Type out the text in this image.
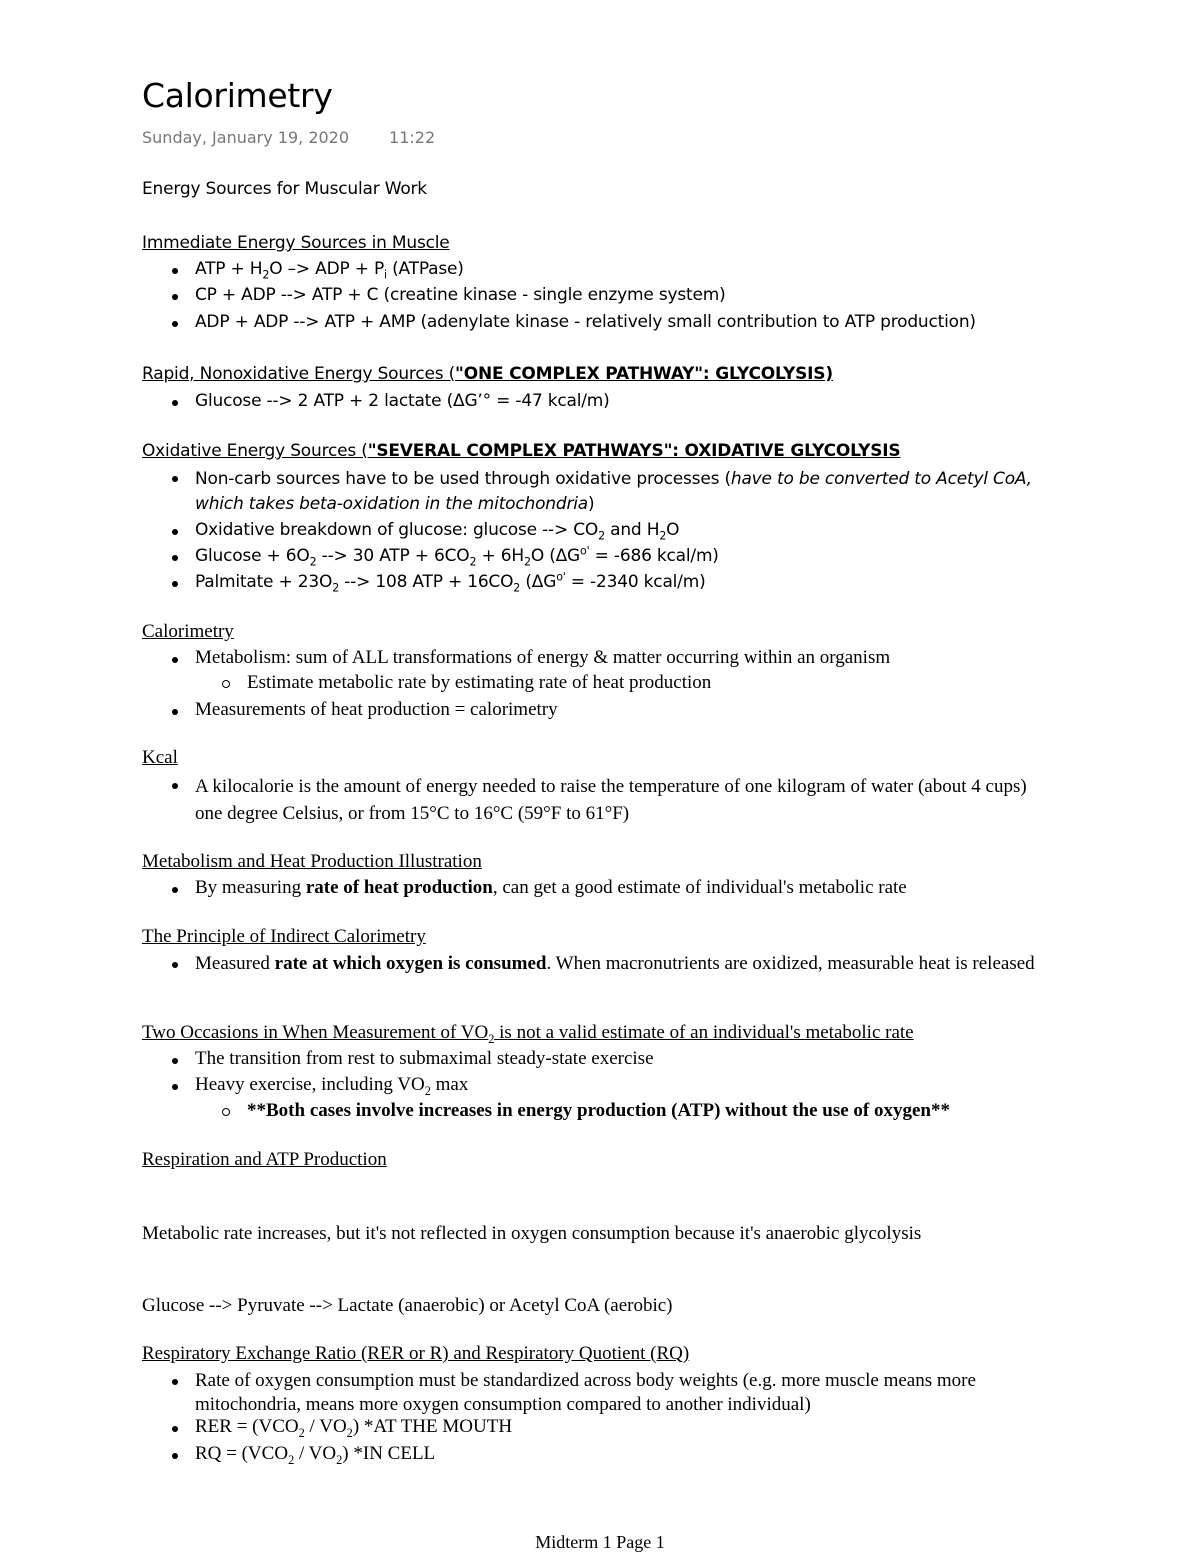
Calorimetry
Sunday, January 19, 2020	11:22
Energy Sources for Muscular Work
Immediate Energy Sources in Muscle
ATP + $H_2O$ –> ADP + $P_i$ (ATPase)
CP + ADP --> ATP + C (creatine kinase - single enzyme system)
ADP + ADP --> ATP + AMP (adenylate kinase - relatively small contribution to ATP production)
Rapid, Nonoxidative Energy Sources ("ONE COMPLEX PATHWAY": GLYCOLYSIS)
Glucose --> 2 ATP + 2 lactate (ΔG’° = -47 kcal/m)
Oxidative Energy Sources ("SEVERAL COMPLEX PATHWAYS": OXIDATIVE GLYCOLYSIS
Non-carb sources have to be used through oxidative processes (have to be converted to Acetyl CoA, which takes beta-oxidation in the mitochondria)
Oxidative breakdown of glucose: glucose --> $CO_2$ and $H_2O$
$Glucose + 6O_2$ --> 30 ATP + $6CO_2 + 6H_2O$ ($\Delta G^{o'} = -686$ kcal/m)
Palmitate + $23O_2$ --> 108 ATP + $16CO_2$ ($\Delta G^{o'} = -2340$ kcal/m)
Calorimetry
Metabolism: sum of ALL transformations of energy & matter occurring within an organism
Estimate metabolic rate by estimating rate of heat production
Measurements of heat production = calorimetry
Kcal
A kilocalorie is the amount of energy needed to raise the temperature of one kilogram of water (about 4 cups) one degree Celsius, or from 15°C to 16°C (59°F to 61°F)
Metabolism and Heat Production Illustration
By measuring rate of heat production, can get a good estimate of individual's metabolic rate
The Principle of Indirect Calorimetry
Measured rate at which oxygen is consumed. When macronutrients are oxidized, measurable heat is released
Two Occasions in When Measurement of $VO_2$ is not a valid estimate of an individual's metabolic rate
The transition from rest to submaximal steady-state exercise
Heavy exercise, including $VO_2$ max
**Both cases involve increases in energy production (ATP) without the use of oxygen**
Respiration and ATP Production
Metabolic rate increases, but it's not reflected in oxygen consumption because it's anaerobic glycolysis
Glucose --> Pyruvate --> Lactate (anaerobic) or Acetyl CoA (aerobic)
Respiratory Exchange Ratio (RER or R) and Respiratory Quotient (RQ)
Rate of oxygen consumption must be standardized across body weights (e.g. more muscle means more mitochondria, means more oxygen consumption compared to another individual)
RER = $(VCO_2 / VO_2)$ *AT THE MOUTH
RQ = $(VCO_2 / VO_2)$ *IN CELL
Midterm 1 Page 1
